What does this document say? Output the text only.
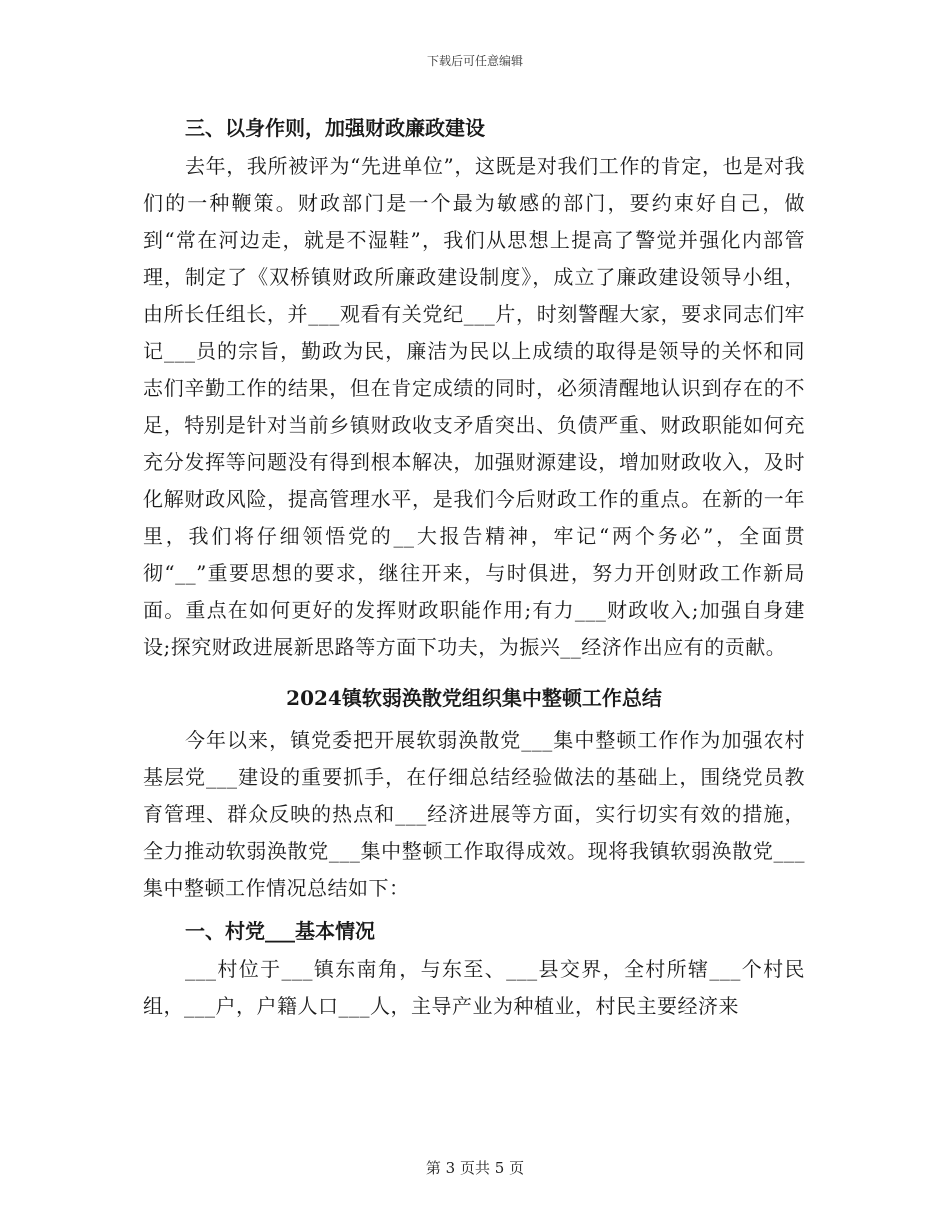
下载后可任意编辑

三、以身作则，加强财政廉政建设

去年，我所被评为“先进单位”，这既是对我们工作的肯定，也是对我们的一种鞭策。财政部门是一个最为敏感的部门，要约束好自己，做到“常在河边走，就是不湿鞋”，我们从思想上提高了警觉并强化内部管理，制定了《双桥镇财政所廉政建设制度》，成立了廉政建设领导小组，由所长任组长，并___观看有关党纪___片，时刻警醒大家，要求同志们牢记___员的宗旨，勤政为民，廉洁为民以上成绩的取得是领导的关怀和同志们辛勤工作的结果，但在肯定成绩的同时，必须清醒地认识到存在的不足，特别是针对当前乡镇财政收支矛盾突出、负债严重、财政职能如何充充分发挥等问题没有得到根本解决，加强财源建设，增加财政收入，及时化解财政风险，提高管理水平，是我们今后财政工作的重点。在新的一年里，我们将仔细领悟党的__大报告精神，牢记“两个务必”，全面贯彻“__”重要思想的要求，继往开来，与时俱进，努力开创财政工作新局面。重点在如何更好的发挥财政职能作用;有力___财政收入;加强自身建设;探究财政进展新思路等方面下功夫，为振兴__经济作出应有的贡献。

2024镇软弱涣散党组织集中整顿工作总结

今年以来，镇党委把开展软弱涣散党___集中整顿工作作为加强农村基层党___建设的重要抓手，在仔细总结经验做法的基础上，围绕党员教育管理、群众反映的热点和___经济进展等方面，实行切实有效的措施，全力推动软弱涣散党___集中整顿工作取得成效。现将我镇软弱涣散党___集中整顿工作情况总结如下：

一、村党___基本情况

___村位于___镇东南角，与东至、___县交界，全村所辖___个村民组，___户，户籍人口___人，主导产业为种植业，村民主要经济来

第 3 页共 5 页
